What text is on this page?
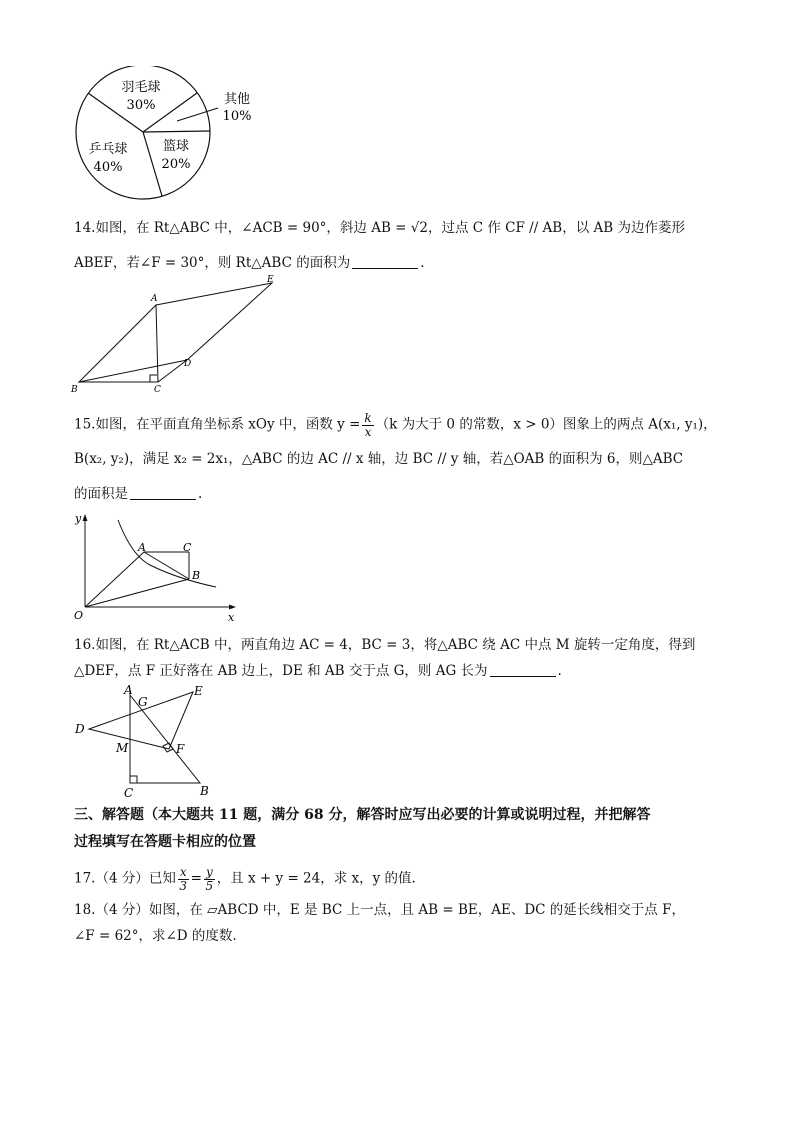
羽毛球
30%	其他
10%
篮球
20%
乒乓球
40%
14.如图，在 Rt△ABC 中，∠ACB = 90°，斜边 AB = √2，过点 C 作 CF // AB，以 AB 为边作菱形
ABEF，若∠F = 30°，则 Rt△ABC 的面积为	.
A
E
D
B	C
15.如图，在平面直角坐标系 xOy 中，函数 $y = \frac{k}{x} (k$ 为大于 0 的常数，x > 0）图象上的两点 A(x₁, y₁)，
B(x₂, y₂)，满足 x₂ = 2x₁，△ABC 的边 AC // x 轴，边 BC // y 轴，若△OAB 的面积为 6，则△ABC
的面积是	.
y
x
O
A	C
B
16.如图，在 Rt△ACB 中，两直角边 AC = 4，BC = 3，将△ABC 绕 AC 中点 M 旋转一定角度，得到
△DEF，点 F 正好落在 AB 边上，DE 和 AB 交于点 G，则 AG 长为	.
A
G
E
D
M	F
C	B
三、解答题（本大题共 11 题，满分 68 分，解答时应写出必要的计算或说明过程，并把解答
过程填写在答题卡相应的位置
17.（4 分）已知 $\frac{x}{3} = \frac{y}{5}$ ，且 x + y = 24，求 x，y 的值.
18.（4 分）如图，在 ▱ABCD 中，E 是 BC 上一点，且 AB = BE，AE、DC 的延长线相交于点 F，
∠F = 62°，求∠D 的度数.
